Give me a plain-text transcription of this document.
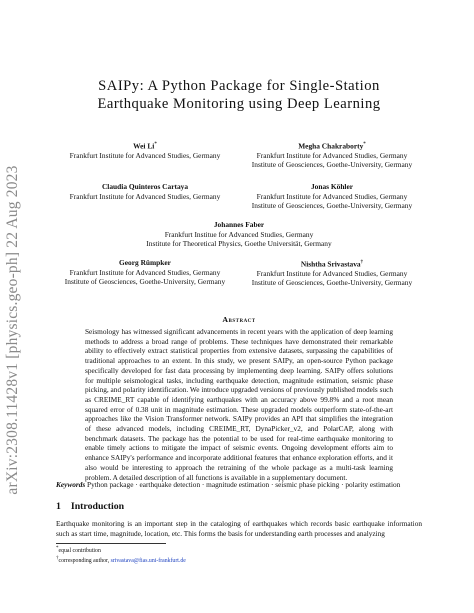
arXiv:2308.11428v1 [physics.geo-ph] 22 Aug 2023
SAIPy: A Python Package for Single-Station
Earthquake Monitoring using Deep Learning
Wei Li*
Frankfurt Institute for Advanced Studies, Germany
Megha Chakraborty*
Frankfurt Institute for Advanced Studies, Germany
Institute of Geosciences, Goethe-University, Germany
Claudia Quinteros Cartaya
Frankfurt Institute for Advanced Studies, Germany
Jonas Köhler
Frankfurt Institute for Advanced Studies, Germany
Institute of Geosciences, Goethe-University, Germany
Johannes Faber
Frankfurt Institue for Advanced Studies, Germany
Institute for Theoretical Physics, Goethe Universität, Germany
Georg Rümpker
Frankfurt Institute for Advanced Studies, Germany
Institute of Geosciences, Goethe-University, Germany
Nishtha Srivastava†
Frankfurt Institute for Advanced Studies, Germany
Institute of Geosciences, Goethe-University, Germany
Abstract
Seismology has witnessed significant advancements in recent years with the application of deep learning methods to address a broad range of problems. These techniques have demonstrated their remarkable ability to effectively extract statistical properties from extensive datasets, surpassing the capabilities of traditional approaches to an extent. In this study, we present SAIPy, an open-source Python package specifically developed for fast data processing by implementing deep learning. SAIPy offers solutions for multiple seismological tasks, including earthquake detection, magnitude estimation, seismic phase picking, and polarity identification. We introduce upgraded versions of previously published models such as CREIME_RT capable of identifying earthquakes with an accuracy above 99.8% and a root mean squared error of 0.38 unit in magnitude estimation. These upgraded models outperform state-of-the-art approaches like the Vision Transformer network. SAIPy provides an API that simplifies the integration of these advanced models, including CREIME_RT, DynaPicker_v2, and PolarCAP, along with benchmark datasets. The package has the potential to be used for real-time earthquake monitoring to enable timely actions to mitigate the impact of seismic events. Ongoing development efforts aim to enhance SAIPy's performance and incorporate additional features that enhance exploration efforts, and it also would be interesting to approach the retraining of the whole package as a multi-task learning problem. A detailed description of all functions is available in a supplementary document.
Keywords Python package · earthquake detection · magnitude estimation · seismic phase picking · polarity estimation
1 Introduction
Earthquake monitoring is an important step in the cataloging of earthquakes which records basic earthquake information such as start time, magnitude, location, etc. This forms the basis for understanding earth processes and analyzing
*equal contribution
†corresponding author, srivastava@fias.uni-frankfurt.de
